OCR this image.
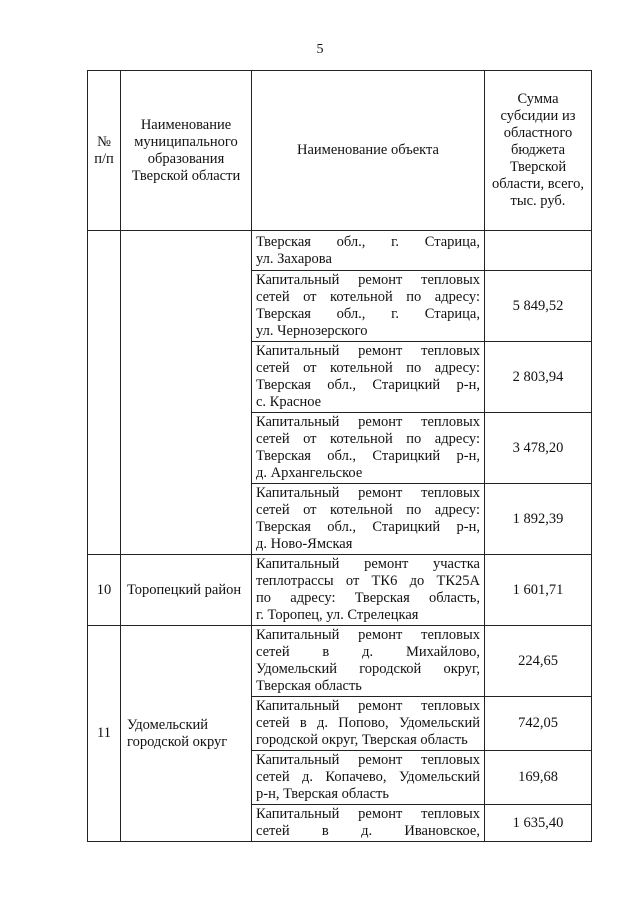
5
№ п/п	Наименование муниципального образования Тверской области	Наименование объекта	Сумма субсидии из областного бюджета Тверской области, всего, тыс. руб.

		Тверская обл., г. Старица,
ул. Захарова	

		Капитальный ремонт тепловых
сетей от котельной по адресу:
Тверская обл., г. Старица,
ул. Чернозерского	5 849,52

		Капитальный ремонт тепловых
сетей от котельной по адресу:
Тверская обл., Старицкий р-н,
с. Красное	2 803,94

		Капитальный ремонт тепловых
сетей от котельной по адресу:
Тверская обл., Старицкий р-н,
д. Архангельское	3 478,20

		Капитальный ремонт тепловых
сетей от котельной по адресу:
Тверская обл., Старицкий р-н,
д. Ново-Ямская	1 892,39
10	Торопецкий район	Капитальный ремонт участка
теплотрассы от ТК6 до ТК25А
по адресу: Тверская область,
г. Торопец, ул. Стрелецкая	1 601,71
11	Удомельский городской округ	Капитальный ремонт тепловых
сетей в д. Михайлово,
Удомельский городской округ,
Тверская область	224,65

		Капитальный ремонт тепловых
сетей в д. Попово, Удомельский
городской округ, Тверская область	742,05

		Капитальный ремонт тепловых
сетей д. Копачево, Удомельский
р-н, Тверская область	169,68

		Капитальный ремонт тепловых
сетей в д. Ивановское,	1 635,40
